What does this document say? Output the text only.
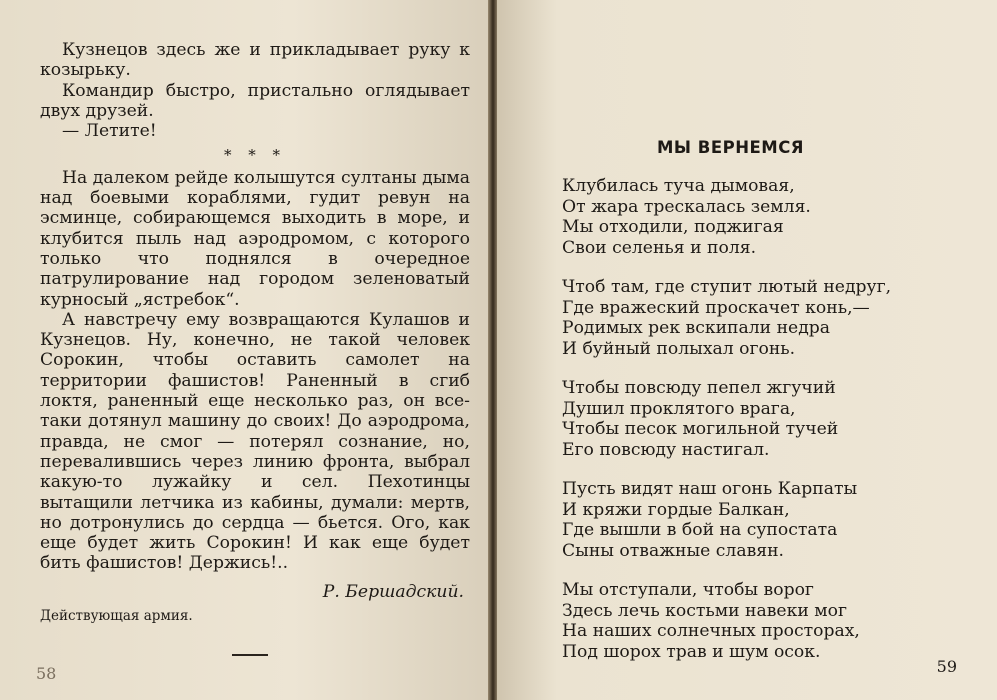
Кузнецов здесь же и прикладывает руку к козырьку.

Командир быстро, пристально оглядывает двух друзей.

— Летите!

* * *

На далеком рейде колышутся султаны дыма над боевыми кораблями, гудит ревун на эсминце, собирающемся выходить в море, и клубится пыль над аэродромом, с которого только что поднялся в очередное патрулирование над городом зеленоватый курносый „ястребок“.

А навстречу ему возвращаются Кулашов и Кузнецов. Ну, конечно, не такой человек Сорокин, чтобы оставить самолет на территории фашистов! Раненный в сгиб локтя, раненный еще несколько раз, он все-таки дотянул машину до своих! До аэродрома, правда, не смог — потерял сознание, но, перевалившись через линию фронта, выбрал какую-то лужайку и сел. Пехотинцы вытащили летчика из кабины, думали: мертв, но дотронулись до сердца — бьется. Ого, как еще будет жить Сорокин! И как еще будет бить фашистов! Держись!..

Р. Бершадский.
Действующая армия.
58
МЫ ВЕРНЕМСЯ
Клубилась туча дымовая,
От жара трескалась земля.
Мы отходили, поджигая
Свои селенья и поля.
Чтоб там, где ступит лютый недруг,
Где вражеский проскачет конь,—
Родимых рек вскипали недра
И буйный полыхал огонь.
Чтобы повсюду пепел жгучий
Душил проклятого врага,
Чтобы песок могильной тучей
Его повсюду настигал.
Пусть видят наш огонь Карпаты
И кряжи гордые Балкан,
Где вышли в бой на супостата
Сыны отважные славян.
Мы отступали, чтобы ворог
Здесь лечь костьми навеки мог
На наших солнечных просторах,
Под шорох трав и шум осок.
59
